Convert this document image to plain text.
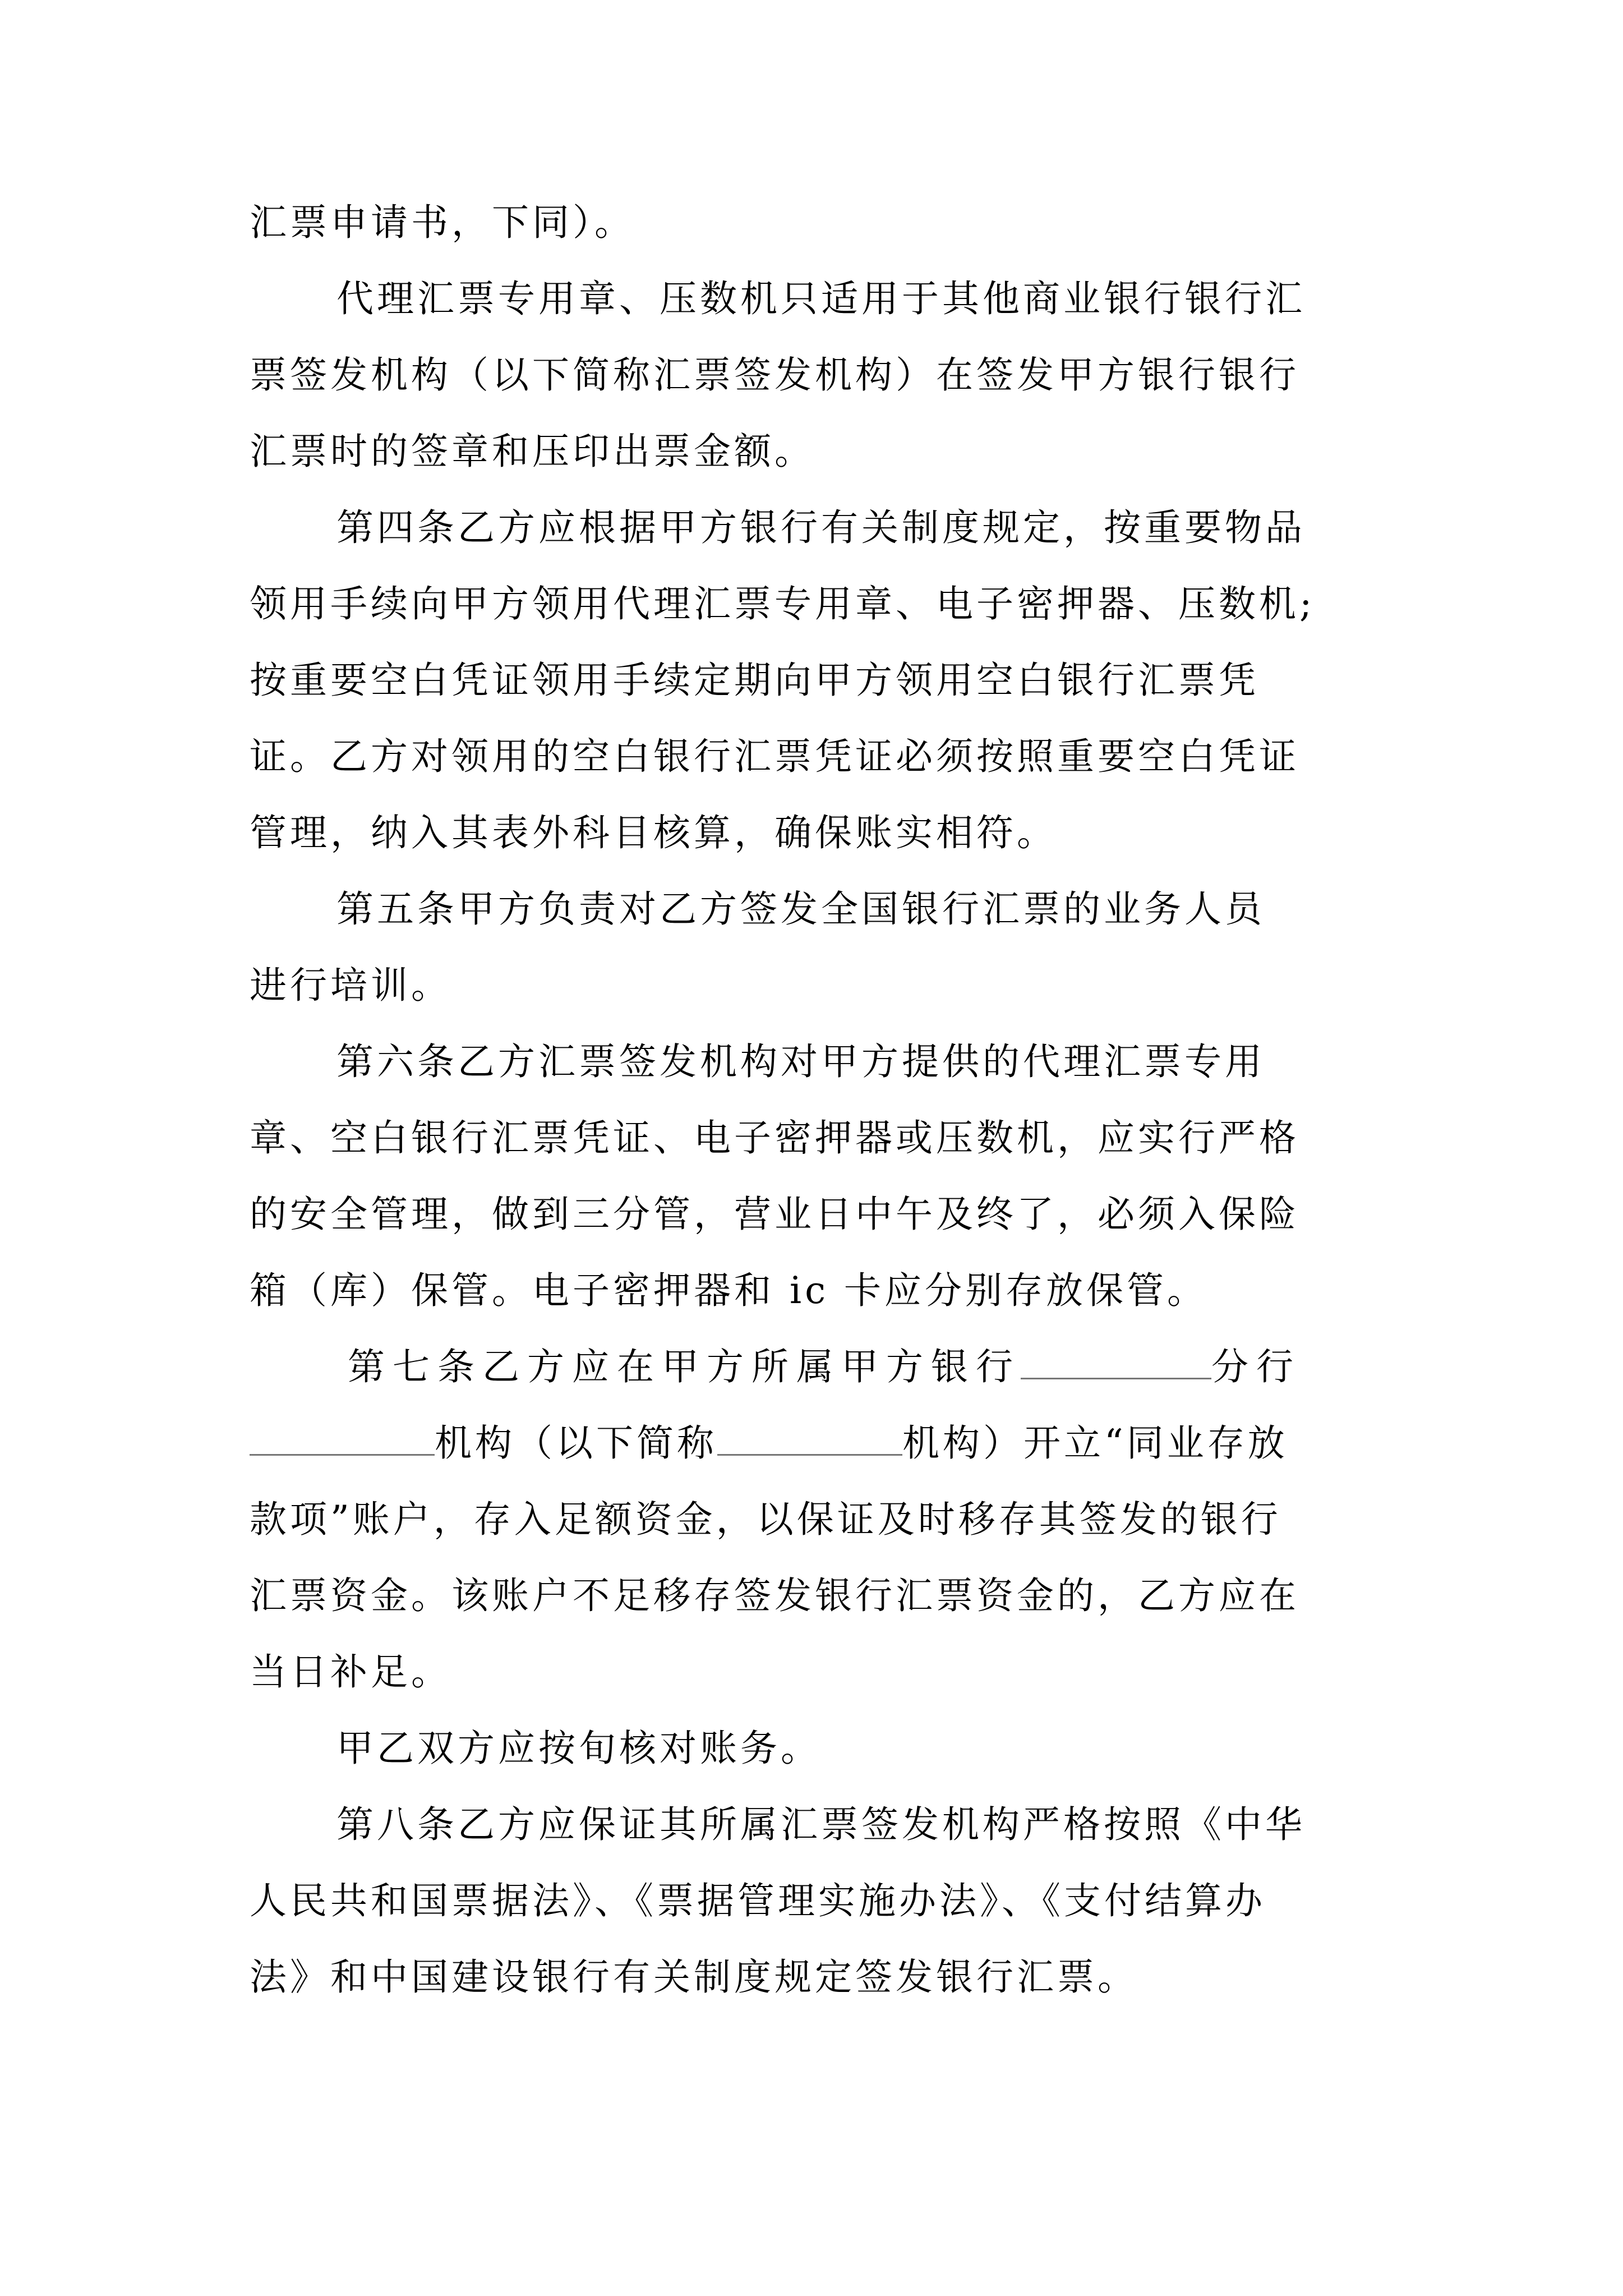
汇票申请书，下同）。
代理汇票专用章、压数机只适用于其他商业银行银行汇
票签发机构（以下简称汇票签发机构）在签发甲方银行银行
汇票时的签章和压印出票金额。
第四条乙方应根据甲方银行有关制度规定，按重要物品
领用手续向甲方领用代理汇票专用章、电子密押器、压数机;
按重要空白凭证领用手续定期向甲方领用空白银行汇票凭
证。乙方对领用的空白银行汇票凭证必须按照重要空白凭证
管理，纳入其表外科目核算，确保账实相符。
第五条甲方负责对乙方签发全国银行汇票的业务人员
进行培训。
第六条乙方汇票签发机构对甲方提供的代理汇票专用
章、空白银行汇票凭证、电子密押器或压数机，应实行严格
的安全管理，做到三分管，营业日中午及终了，必须入保险
箱（库）保管。电子密押器和 ic 卡应分别存放保管。
第七条乙方应在甲方所属甲方银行	分行
机构（以下简称	机构）开立“同业存放
款项”账户，存入足额资金，以保证及时移存其签发的银行
汇票资金。该账户不足移存签发银行汇票资金的，乙方应在
当日补足。
甲乙双方应按旬核对账务。
第八条乙方应保证其所属汇票签发机构严格按照《中华
人民共和国票据法》、《票据管理实施办法》、《支付结算办
法》和中国建设银行有关制度规定签发银行汇票。
